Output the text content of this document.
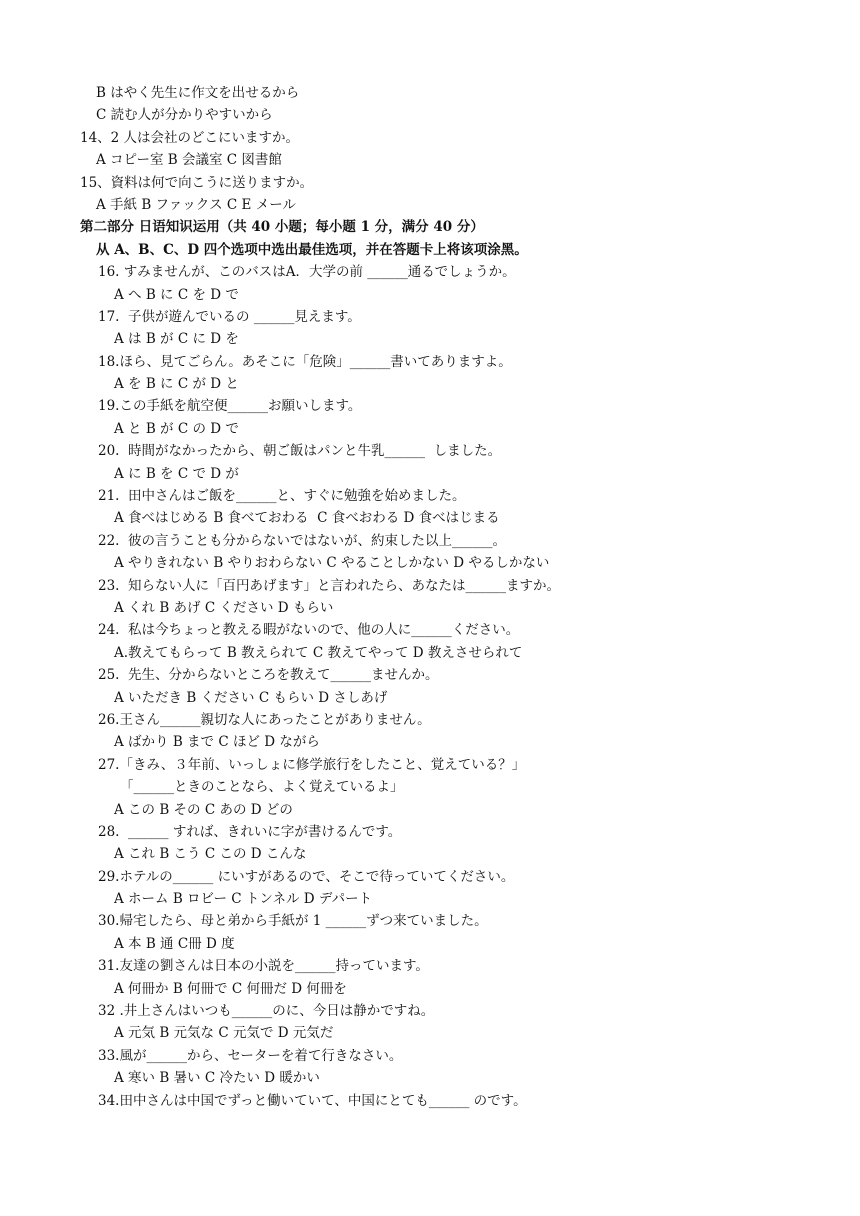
B はやく先生に作文を出せるから
C 読む人が分かりやすいから
14、2 人は会社のどこにいますか。
A コピー室 B 会議室 C 図書館
15、資料は何で向こうに送りますか。
A 手紙 B ファックス C E メール
第二部分 日语知识运用（共 40 小题；每小题 1 分，满分 40 分）
从 A、B、C、D 四个选项中选出最佳选项，并在答题卡上将该项涂黑。
16. すみませんが、このバスはA．大学の前 ______通るでしょうか。
A へ B に C を D で
17.  子供が遊んでいるの ______見えます。
A は B が C に D を
18.ほら、見てごらん。あそこに「危険」______書いてありますよ。
A を B に C が D と
19.この手紙を航空便______お願いします。
A と B が C の D で
20.  時間がなかったから、朝ご飯はパンと牛乳______  しました。
A に B を C で D が
21.  田中さんはご飯を______と、すぐに勉強を始めました。
A 食べはじめる B 食べておわる  C 食べおわる D 食べはじまる
22.  彼の言うことも分からないではないが、約束した以上______。
A やりきれない B やりおわらない C やることしかない D やるしかない
23.  知らない人に「百円あげます」と言われたら、あなたは______ますか。
A くれ B あげ C ください D もらい
24.  私は今ちょっと教える暇がないので、他の人に______ください。
A.教えてもらって B 教えられて C 教えてやって D 教えさせられて
25.  先生、分からないところを教えて______ませんか。
A いただき B ください C もらい D さしあげ
26.王さん______親切な人にあったことがありません。
A ばかり B まで C ほど D ながら
27.「きみ、３年前、いっしょに修学旅行をしたこと、覚えている？」
「______ときのことなら、よく覚えているよ」
A この B その C あの D どの
28.  ______ すれば、きれいに字が書けるんです。
A これ B こう C この D こんな
29.ホテルの______ にいすがあるので、そこで待っていてください。
A ホーム B ロビー C トンネル D デパート
30.帰宅したら、母と弟から手紙が 1 ______ずつ来ていました。
A 本 B 通 C冊 D 度
31.友達の劉さんは日本の小説を______持っています。
A 何冊か B 何冊で C 何冊だ D 何冊を
32 .井上さんはいつも______のに、今日は静かですね。
A 元気 B 元気な C 元気で D 元気だ
33.風が______から、セーターを着て行きなさい。
A 寒い B 暑い C 冷たい D 暖かい
34.田中さんは中国でずっと働いていて、中国にとても______ のです。
